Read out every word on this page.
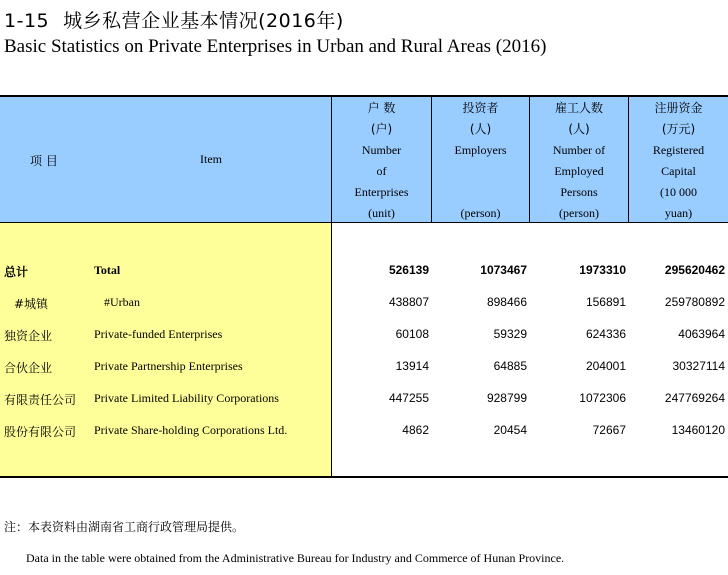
1-15 城乡私营企业基本情况(2016年)
Basic Statistics on Private Enterprises in Urban and Rural Areas (2016)
项 目	Item
户 数
(户)
Number
of
Enterprises
(unit)
投资者
(人)
Employers
(person)
雇工人数
(人)
Number of
Employed
Persons
(person)
注册资金
(万元)
Registered
Capital
(10 000
yuan)
总计	Total	526139	1073467	1973310	295620462
#城镇	#Urban	438807	898466	156891	259780892
独资企业	Private-funded Enterprises	60108	59329	624336	4063964
合伙企业	Private Partnership Enterprises	13914	64885	204001	30327114
有限责任公司 Private Limited Liability Corporations	447255	928799	1072306	247769264
股份有限公司 Private Share-holding Corporations Ltd.	4862	20454	72667	13460120
注：本表资料由湖南省工商行政管理局提供。
Data in the table were obtained from the Administrative Bureau for Industry and Commerce of Hunan Province.
